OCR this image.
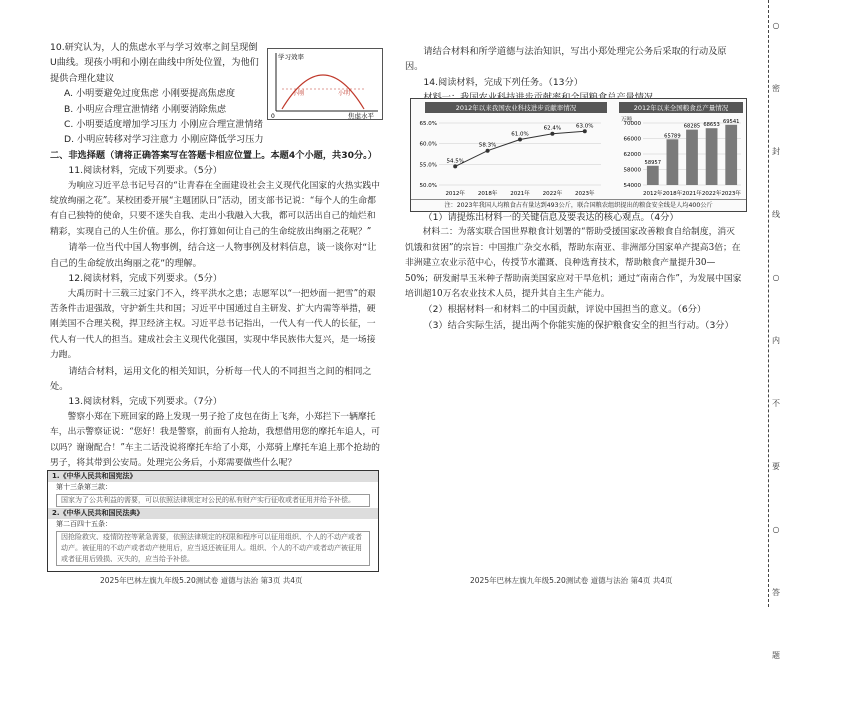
10.研究认为，人的焦虑水平与学习效率之间呈现倒U曲线。现孩小明和小刚在曲线中所处位置，为他们提供合理化建议

A. 小明要避免过度焦虑 小刚要提高焦虑度

B. 小明应合理宣泄情绪 小刚要消除焦虑

C. 小明要适度增加学习压力 小刚应合理宣泄情绪

D. 小明应转移对学习注意力 小刚应降低学习压力

二、非选择题（请将正确答案写在答题卡相应位置上。本题4个小题，共30分。）

11.阅读材料，完成下列要求。（5分）

为响应习近平总书记号召的“让青春在全面建设社会主义现代化国家的火热实践中绽放绚丽之花”。某校团委开展“主题团队日”活动，团支部书记说：“每个人的生命都有自己独特的使命，只要不迷失自我、走出小我融入大我，都可以活出自己的灿烂和精彩，实现自己的人生价值。那么，你打算如何让自己的生命绽放出绚丽之花呢？”

请举一位当代中国人物事例，结合这一人物事例及材料信息，谈一谈你对“让自己的生命绽放出绚丽之花”的理解。

12.阅读材料，完成下列要求。（5分）

大禹历时十三载三过家门不入，终平洪水之患；志愿军以“一把炒面一把雪”的艰苦条件击退强敌，守护新生共和国；习近平中国通过自主研发、扩大内需等举措，硬刚美国不合理关税，捍卫经济主权。习近平总书记指出，一代人有一代人的长征，一代人有一代人的担当。建成社会主义现代化强国，实现中华民族伟大复兴，是一场接力跑。

请结合材料，运用文化的相关知识，分析每一代人的不同担当之间的相同之处。

13.阅读材料，完成下列要求。（7分）

警察小郑在下班回家的路上发现一男子抢了皮包在街上飞奔，小郑拦下一辆摩托车，出示警察证说：“您好！我是警察，前面有人抢劫，我想借用您的摩托车追人，可以吗？谢谢配合！”车主二话没说将摩托车给了小郑，小郑骑上摩托车追上那个抢劫的男子，将其带到公安局。处理完公务后，小郑需要做些什么呢？

学习效率
焦虑水平
0
小刚	小明
1.《中华人民共和国宪法》
第十三条第三款：
国家为了公共利益的需要，可以依照法律规定对公民的私有财产实行征收或者征用并给予补偿。
2.《中华人民共和国民法典》
第二百四十五条：
因抢险救灾、疫情防控等紧急需要，依照法律规定的权限和程序可以征用组织、个人的不动产或者动产。被征用的不动产或者动产使用后，应当返还被征用人。组织、个人的不动产或者动产被征用或者征用后毁损、灭失的，应当给予补偿。
2025年巴林左旗九年级5.20测试卷 道德与法治 第3页 共4页

请结合材料和所学道德与法治知识，写出小郑处理完公务后采取的行动及原因。

14.阅读材料，完成下列任务。（13分）

2012年以来我国农业科技进步贡献率情况
50.0%
55.0%
60.0%
65.0%
54.5%
2012年
58.3%
2018年
61.0%
2021年
62.4%
2022年
63.0%
2023年
2012年以来全国粮食总产量情况
万吨
54000
58000
62000
66000
70000
58957
2012年
65789
2018年
68285
2021年
68653
2022年
69541
2023年
注：2023年我国人均粮食占有量达到493公斤，联合国粮农组织提出的粮食安全线是人均400公斤

（1）请提炼出材料一的关键信息及要表达的核心观点。（4分）

材料二：为落实联合国世界粮食计划署的“帮助受援国家改善粮食自给制度，消灭饥饿和贫困”的宗旨：中国推广杂交水稻，帮助东南亚、非洲部分国家单产提高3倍；在非洲建立农业示范中心，传授节水灌溉、良种选育技术，帮助粮食产量提升30—50%；研发耐旱玉米种子帮助南美国家应对干旱危机；通过“南南合作”，为发展中国家培训超10万名农业技术人员，提升其自主生产能力。

（2）根据材料一和材料二的中国贡献，评说中国担当的意义。（6分）

（3）结合实际生活，提出两个你能实施的保护粮食安全的担当行动。（3分）

2025年巴林左旗九年级5.20测试卷 道德与法治 第4页 共4页
○
密
封
线
○
内
不
要
○
答
题
